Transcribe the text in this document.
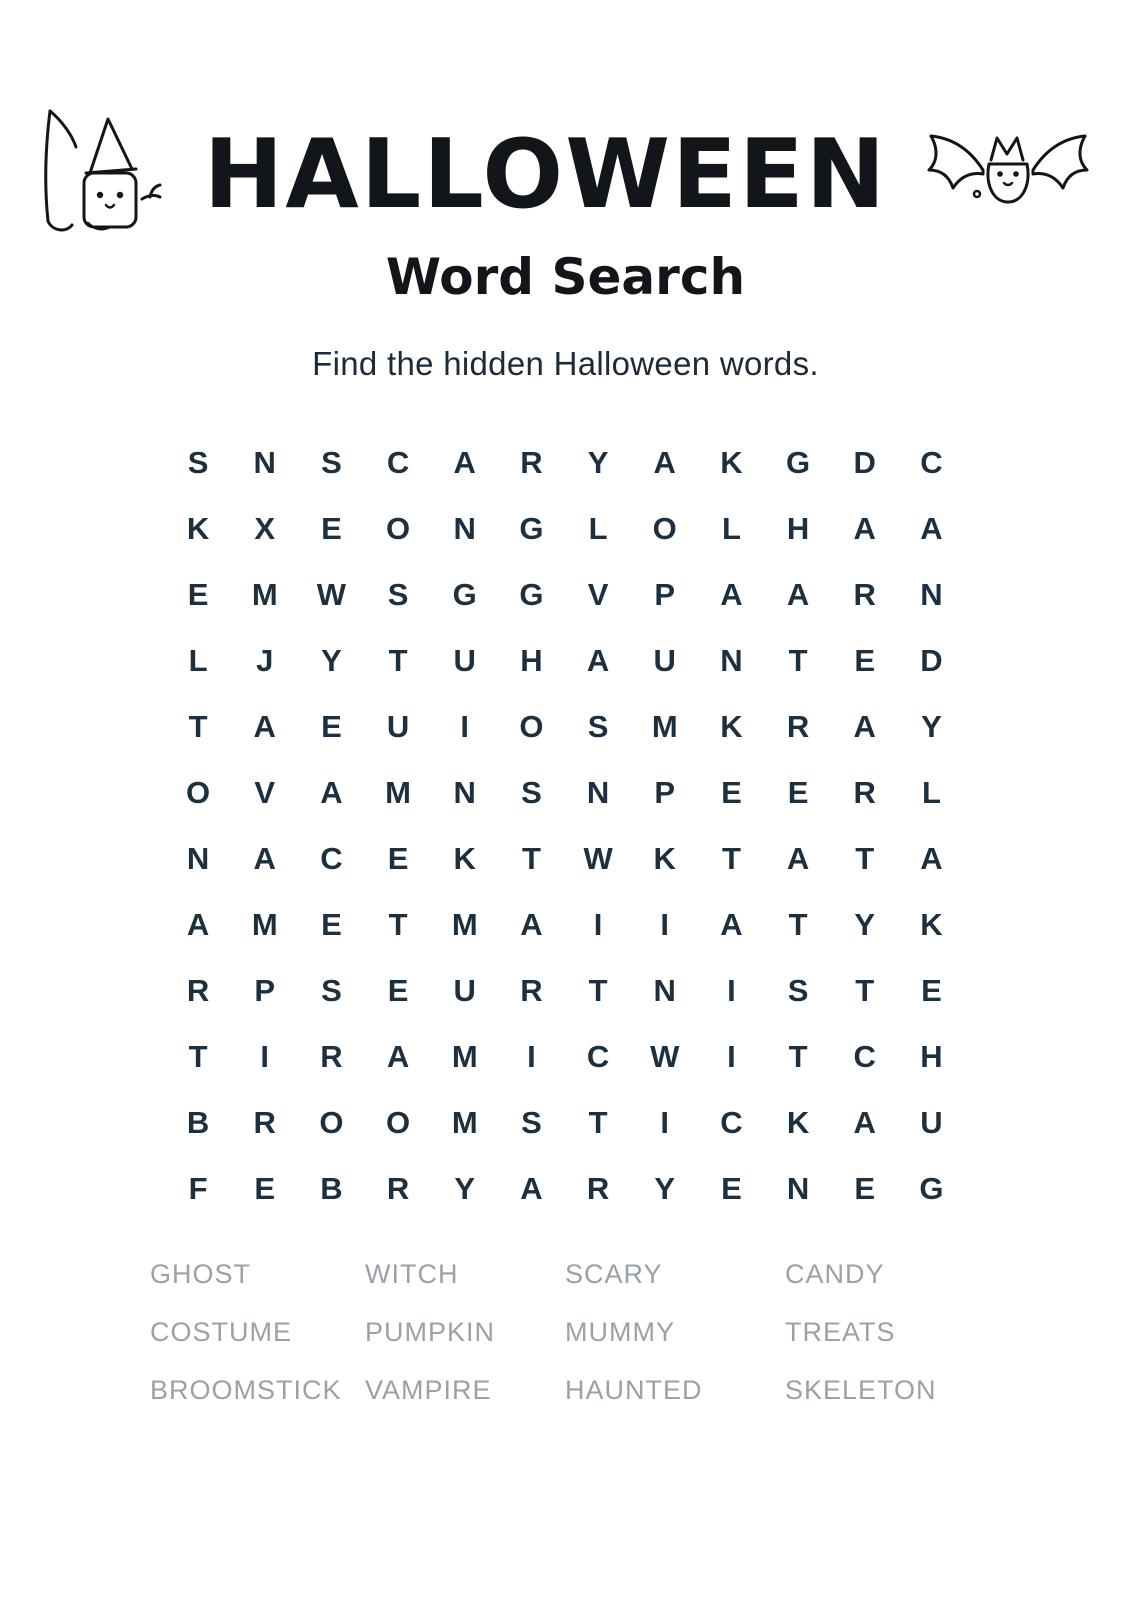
HALLOWEEN
Word Search
Find the hidden Halloween words.
S	N	S	C	A	R	Y	A	K	G	D	C
K	X	E	O	N	G	L	O	L	H	A	A
E	M	W	S	G	G	V	P	A	A	R	N
L	J	Y	T	U	H	A	U	N	T	E	D
T	A	E	U	I	O	S	M	K	R	A	Y
O	V	A	M	N	S	N	P	E	E	R	L
N	A	C	E	K	T	W	K	T	A	T	A
A	M	E	T	M	A	I	I	A	T	Y	K
R	P	S	E	U	R	T	N	I	S	T	E
T	I	R	A	M	I	C	W	I	T	C	H
B	R	O	O	M	S	T	I	C	K	A	U
F	E	B	R	Y	A	R	Y	E	N	E	G
GHOST	WITCH	SCARY	CANDY
COSTUME	PUMPKIN	MUMMY	TREATS
BROOMSTICK VAMPIRE	HAUNTED	SKELETON
